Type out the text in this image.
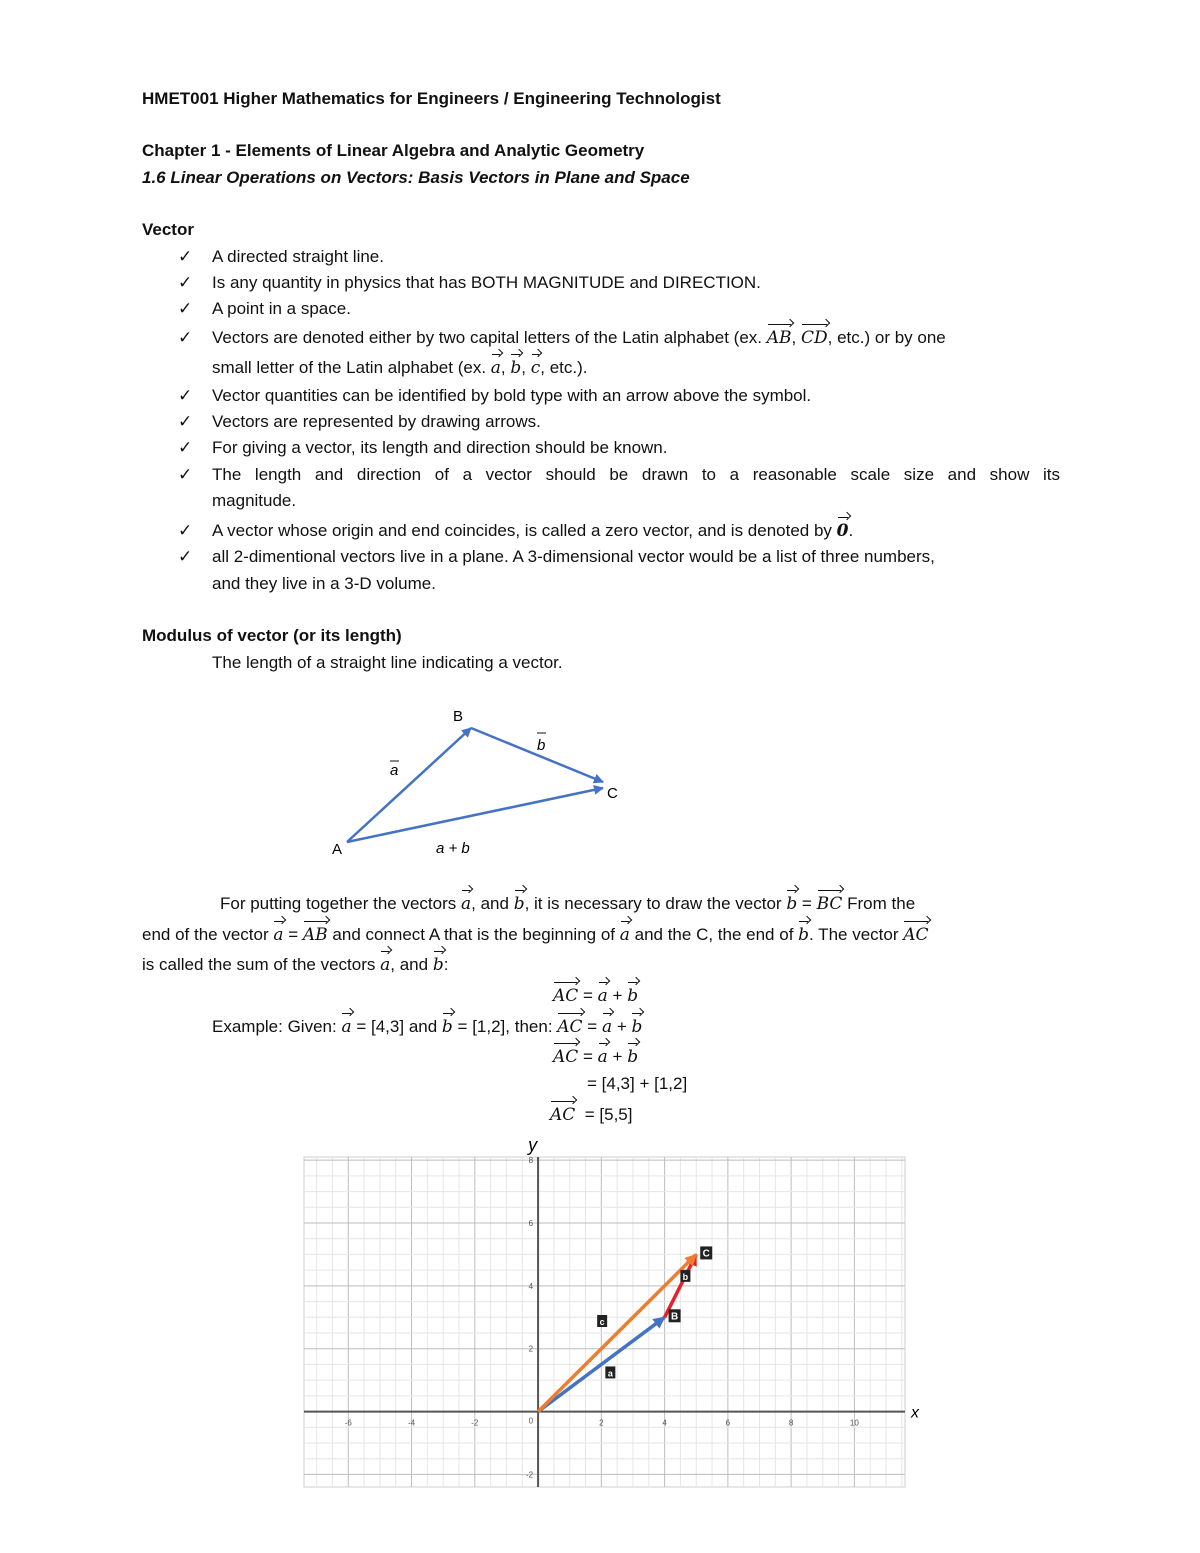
HMET001 Higher Mathematics for Engineers / Engineering Technologist
Chapter 1 - Elements of Linear Algebra and Analytic Geometry
1.6 Linear Operations on Vectors: Basis Vectors in Plane and Space
Vector
✓ A directed straight line.
✓ Is any quantity in physics that has BOTH MAGNITUDE and DIRECTION.
✓ A point in a space.
✓ Vectors are denoted either by two capital letters of the Latin alphabet (ex. AB, CD, etc.) or by one
small letter of the Latin alphabet (ex. a, b, c, etc.).
✓ Vector quantities can be identified by bold type with an arrow above the symbol.
✓ Vectors are represented by drawing arrows.
✓ For giving a vector, its length and direction should be known.
✓ The length and direction of a vector should be drawn to a reasonable scale size and show its
magnitude.
✓ A vector whose origin and end coincides, is called a zero vector, and is denoted by 0.
✓ all 2-dimentional vectors live in a plane. A 3-dimensional vector would be a list of three numbers,
and they live in a 3-D volume.
Modulus of vector (or its length)
The length of a straight line indicating a vector.
A
B
C
a
b
a + b
For putting together the vectors a, and b, it is necessary to draw the vector b = BC From the
end of the vector a = AB and connect A that is the beginning of a and the C, the end of b. The vector AC
is called the sum of the vectors a, and b:
AC = a + b
Example: Given: a = [4,3] and b = [1,2], then: AC = a + b
AC = a + b
= [4,3] + [1,2]
AC  = [5,5]
-6	-4	-2	2	4	6	8	10
-2
2
4
6
8
0
a
b
c	B
C
x
y
